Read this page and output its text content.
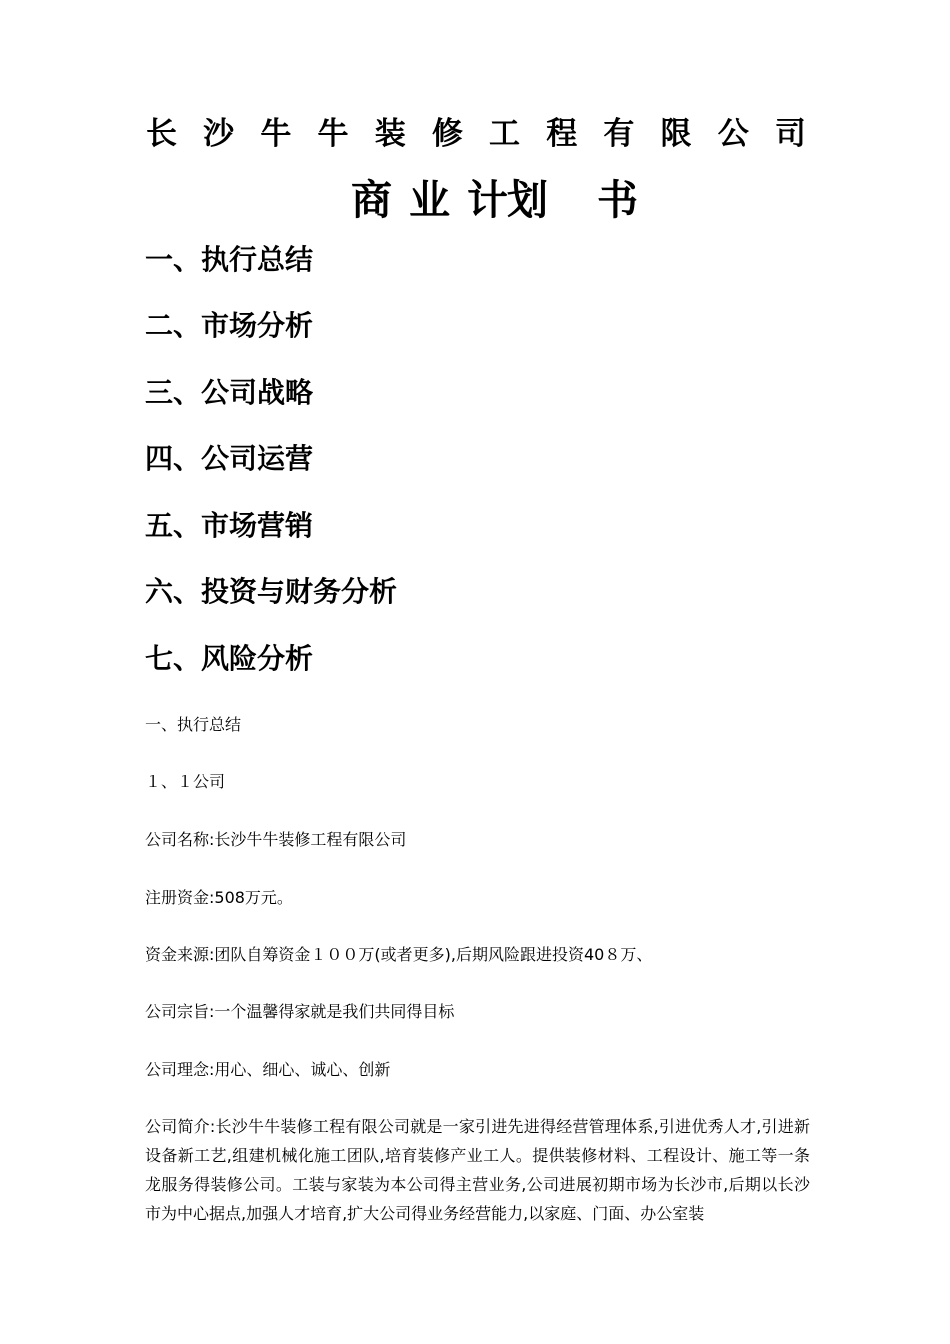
长 沙 牛 牛 装 修 工 程 有 限 公 司
商 业 计 划 书

一、执行总结

二、市场分析

三、公司战略

四、公司运营

五、市场营销

六、投资与财务分析

七、风险分析

一、执行总结

１、１公司

公司名称:长沙牛牛装修工程有限公司

注册资金:508万元。

资金来源:团队自筹资金１００万(或者更多),后期风险跟进投资40８万、

公司宗旨:一个温馨得家就是我们共同得目标

公司理念:用心、细心、诚心、创新

公司简介:长沙牛牛装修工程有限公司就是一家引进先进得经营管理体系,引进优秀人才,引进新设备新工艺,组建机械化施工团队,培育装修产业工人。提供装修材料、工程设计、施工等一条龙服务得装修公司。工装与家装为本公司得主营业务,公司进展初期市场为长沙市,后期以长沙市为中心据点,加强人才培育,扩大公司得业务经营能力,以家庭、门面、办公室装
